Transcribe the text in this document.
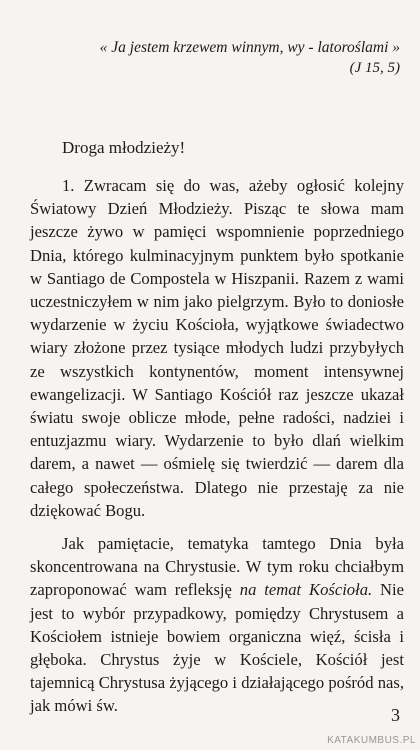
« Ja jestem krzewem winnym, wy - latoroślami »
(J 15, 5)
Droga młodzieży!

1. Zwracam się do was, ażeby ogłosić kolejny Światowy Dzień Młodzieży. Pisząc te słowa mam jeszcze żywo w pamięci wspomnienie poprzedniego Dnia, którego kulminacyjnym punktem było spotkanie w Santiago de Compostela w Hiszpanii. Razem z wami uczestniczyłem w nim jako pielgrzym. Było to doniosłe wydarzenie w życiu Kościoła, wyjątkowe świadectwo wiary złożone przez tysiące młodych ludzi przybyłych ze wszystkich kontynentów, moment intensywnej ewangelizacji. W Santiago Kościół raz jeszcze ukazał światu swoje oblicze młode, pełne radości, nadziei i entuzjazmu wiary. Wydarzenie to było dlań wielkim darem, a nawet — ośmielę się twierdzić — darem dla całego społeczeństwa. Dlatego nie przestaję za nie dziękować Bogu.

Jak pamiętacie, tematyka tamtego Dnia była skoncentrowana na Chrystusie. W tym roku chciałbym zaproponować wam refleksję na temat Kościoła. Nie jest to wybór przypadkowy, pomiędzy Chrystusem a Kościołem istnieje bowiem organiczna więź, ścisła i głęboka. Chrystus żyje w Kościele, Kościół jest tajemnicą Chrystusa żyjącego i działającego pośród nas, jak mówi św.	3
KATAKUMBUS.PL
